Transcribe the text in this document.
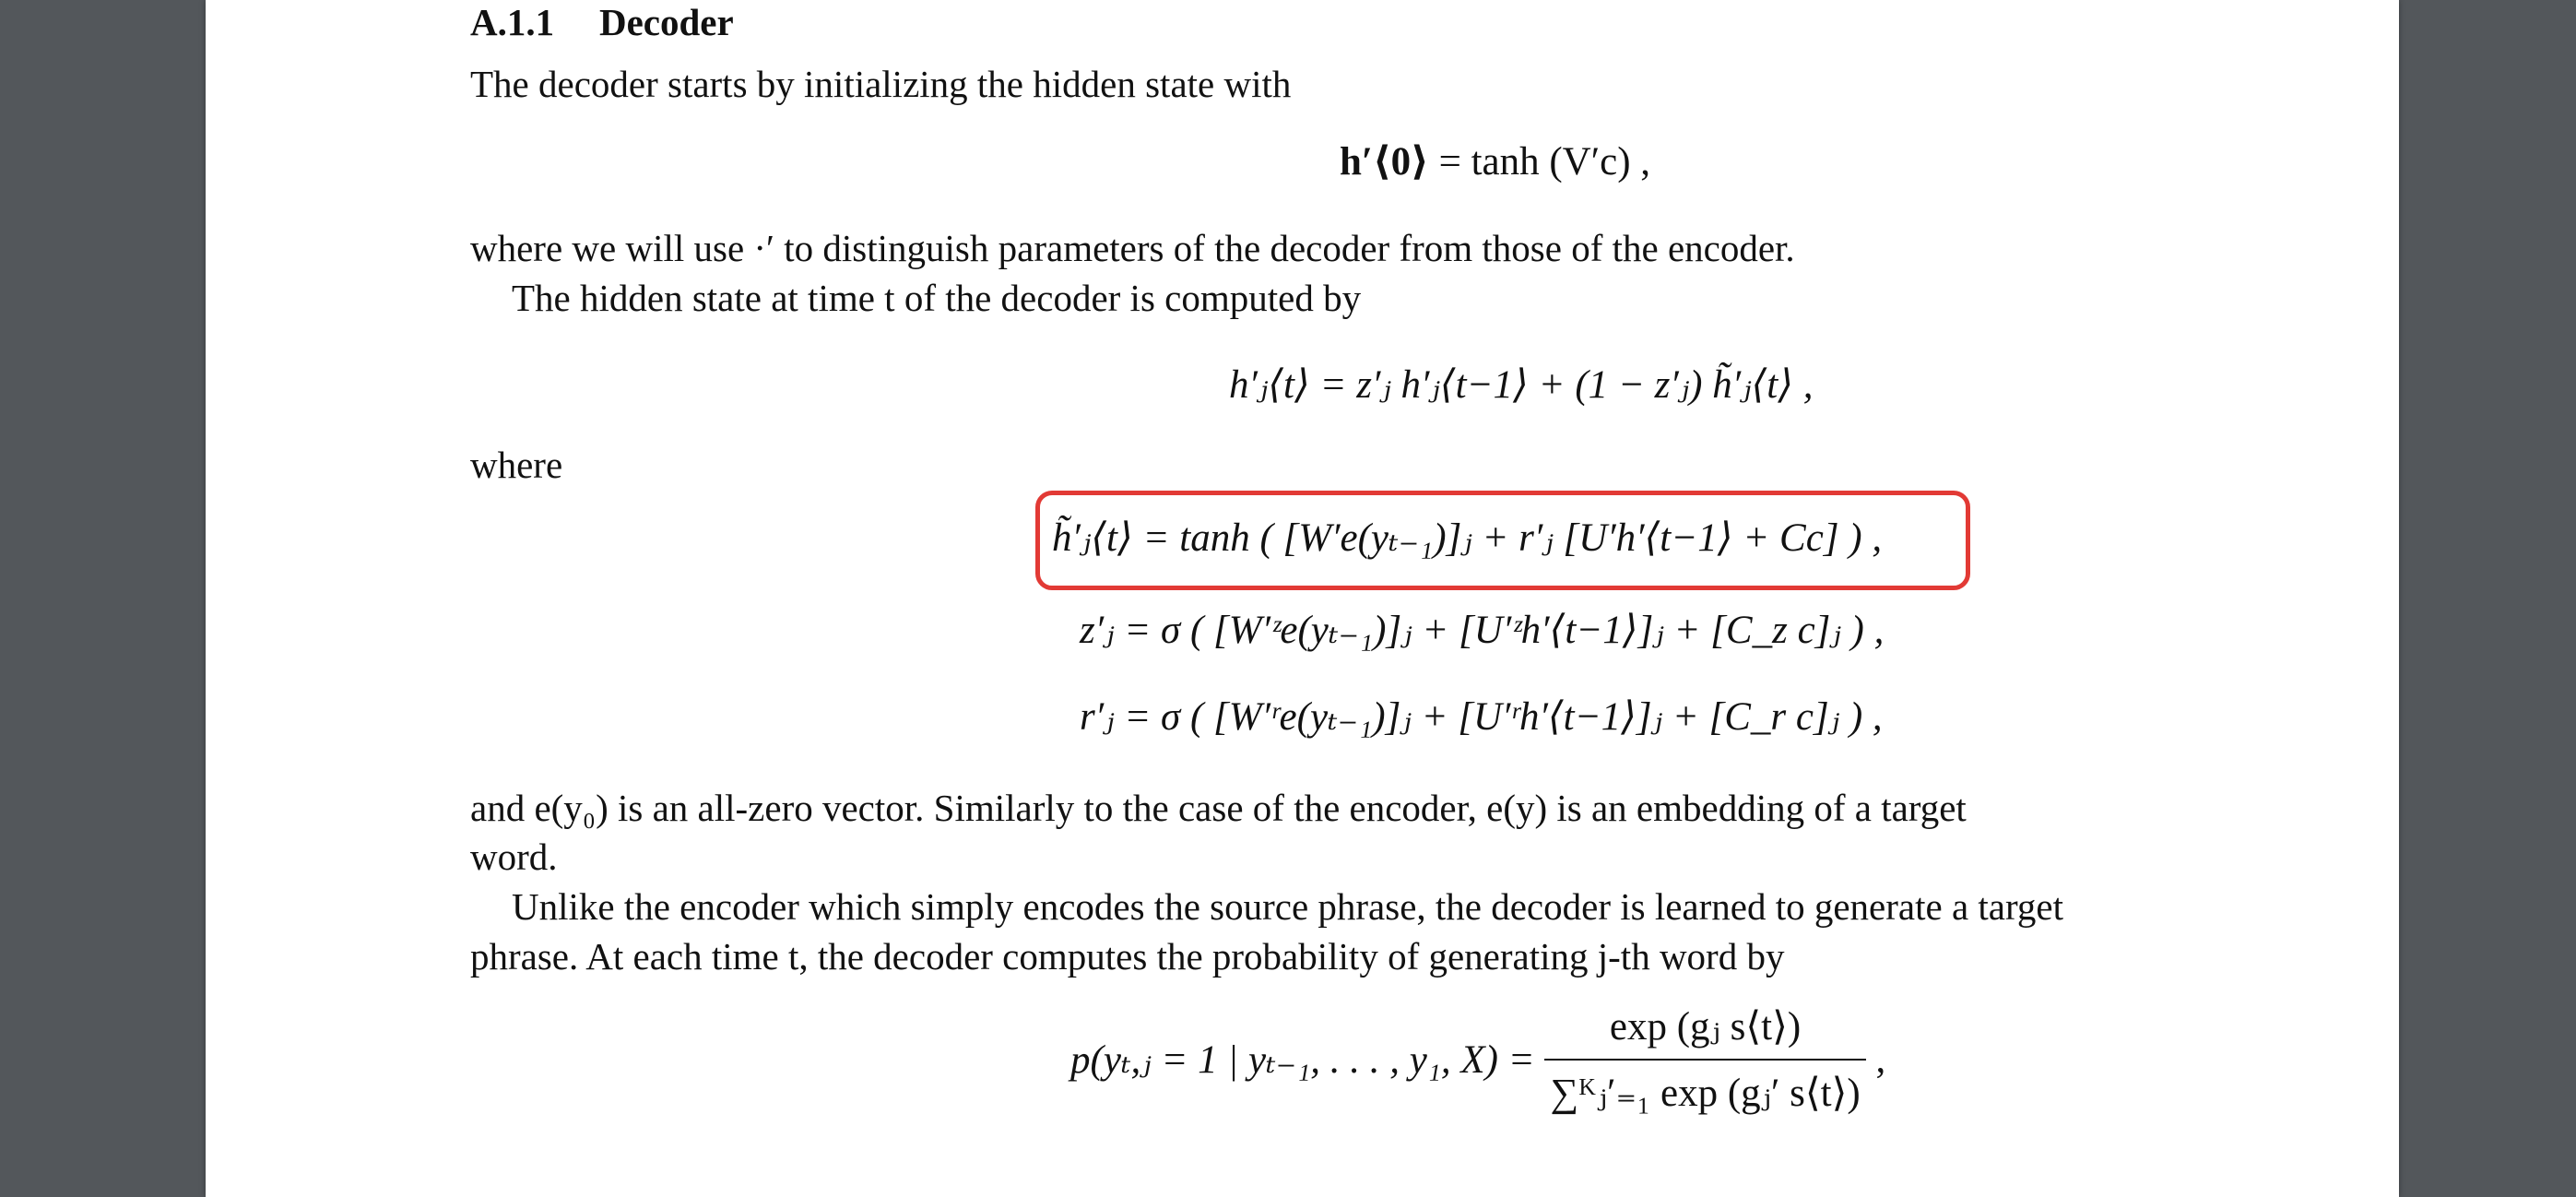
A.1.1 Decoder
The decoder starts by initializing the hidden state with
h′⟨0⟩ = tanh (V′c) ,
where we will use ·′ to distinguish parameters of the decoder from those of the encoder.
The hidden state at time t of the decoder is computed by
h′ⱼ⟨t⟩ = z′ⱼ h′ⱼ⟨t−1⟩ + (1 − z′ⱼ) h̃′ⱼ⟨t⟩ ,
where
h̃′ⱼ⟨t⟩ = tanh ( [W′e(yₜ₋₁)]ⱼ + r′ⱼ [U′h′⟨t−1⟩ + Cc] ) ,
z′ⱼ = σ ( [W′ᶻe(yₜ₋₁)]ⱼ + [U′ᶻh′⟨t−1⟩]ⱼ + [C_z c]ⱼ ) ,
r′ⱼ = σ ( [W′ʳe(yₜ₋₁)]ⱼ + [U′ʳh′⟨t−1⟩]ⱼ + [C_r c]ⱼ ) ,
and e(y₀) is an all-zero vector. Similarly to the case of the encoder, e(y) is an embedding of a target
word.
Unlike the encoder which simply encodes the source phrase, the decoder is learned to generate a target
phrase. At each time t, the decoder computes the probability of generating j-th word by
p(yₜ,ⱼ = 1 | yₜ₋₁, . . . , y₁, $X) = \frac{\text{exp (gⱼ s⟨t⟩)}}{\text{∑ᴷⱼ′₌₁ exp (gⱼ′ s⟨t⟩)}}$ ,
